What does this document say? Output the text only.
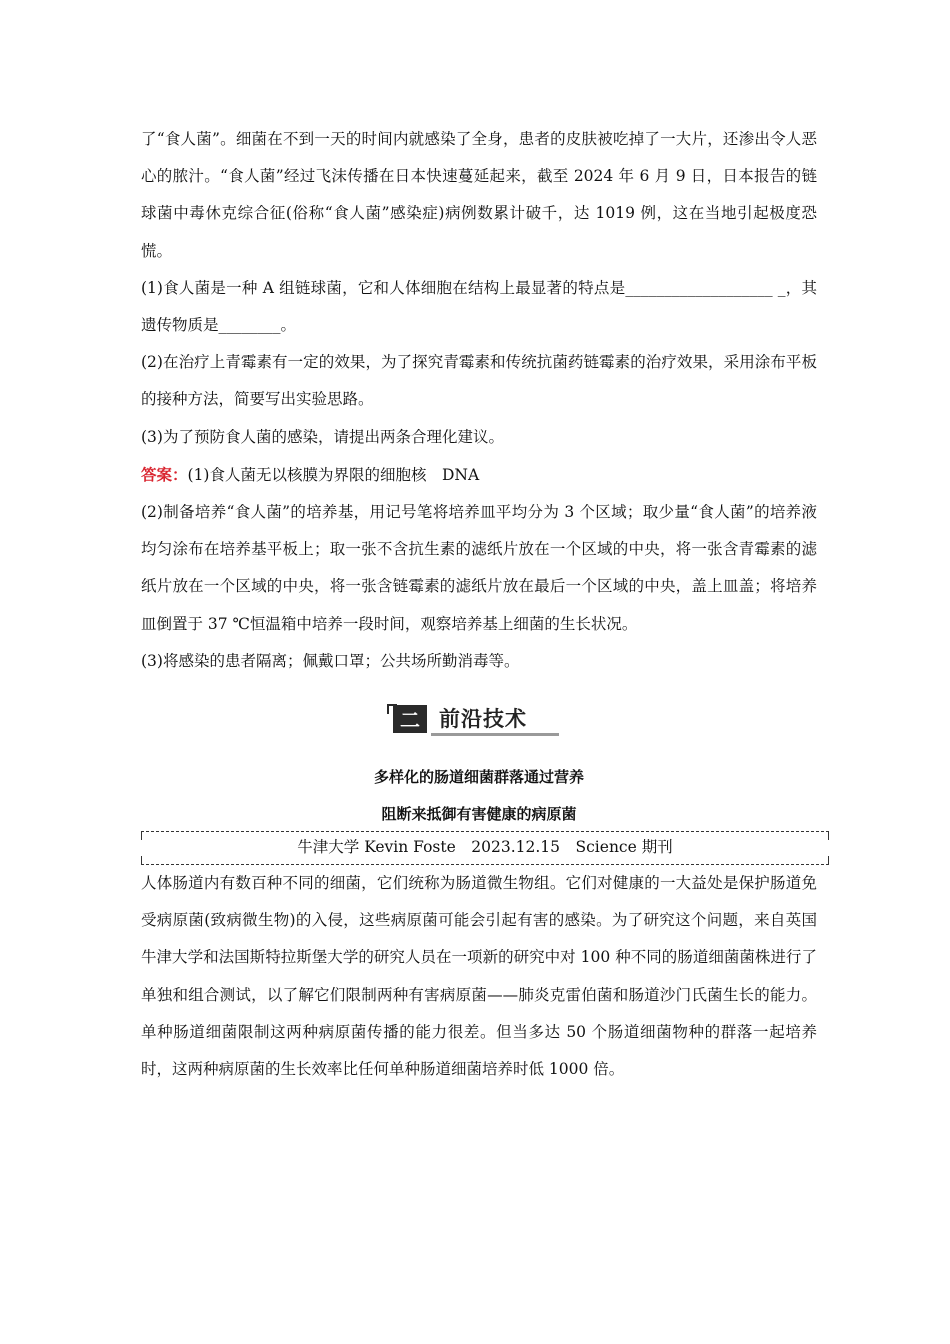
了“食人菌”。细菌在不到一天的时间内就感染了全身，患者的皮肤被吃掉了一大片，还渗出令人恶心的脓汁。“食人菌”经过飞沫传播在日本快速蔓延起来，截至 2024 年 6 月 9 日，日本报告的链球菌中毒休克综合征(俗称“食人菌”感染症)病例数累计破千，达 1019 例，这在当地引起极度恐慌。

(1)食人菌是一种 A 组链球菌，它和人体细胞在结构上最显著的特点是___________________ _，其遗传物质是________。

(2)在治疗上青霉素有一定的效果，为了探究青霉素和传统抗菌药链霉素的治疗效果，采用涂布平板的接种方法，简要写出实验思路。

(3)为了预防食人菌的感染，请提出两条合理化建议。

答案：(1)食人菌无以核膜为界限的细胞核　DNA

(2)制备培养“食人菌”的培养基，用记号笔将培养皿平均分为 3 个区域；取少量“食人菌”的培养液均匀涂布在培养基平板上；取一张不含抗生素的滤纸片放在一个区域的中央，将一张含青霉素的滤纸片放在一个区域的中央，将一张含链霉素的滤纸片放在最后一个区域的中央，盖上皿盖；将培养皿倒置于 37 ℃恒温箱中培养一段时间，观察培养基上细菌的生长状况。

(3)将感染的患者隔离；佩戴口罩；公共场所勤消毒等。

二 前沿技术
多样化的肠道细菌群落通过营养
阻断来抵御有害健康的病原菌
牛津大学 Kevin Foste　2023.12.15　Science 期刊

人体肠道内有数百种不同的细菌，它们统称为肠道微生物组。它们对健康的一大益处是保护肠道免受病原菌(致病微生物)的入侵，这些病原菌可能会引起有害的感染。为了研究这个问题，来自英国牛津大学和法国斯特拉斯堡大学的研究人员在一项新的研究中对 100 种不同的肠道细菌菌株进行了单独和组合测试，以了解它们限制两种有害病原菌——肺炎克雷伯菌和肠道沙门氏菌生长的能力。单种肠道细菌限制这两种病原菌传播的能力很差。但当多达 50 个肠道细菌物种的群落一起培养时，这两种病原菌的生长效率比任何单种肠道细菌培养时低 1000 倍。
